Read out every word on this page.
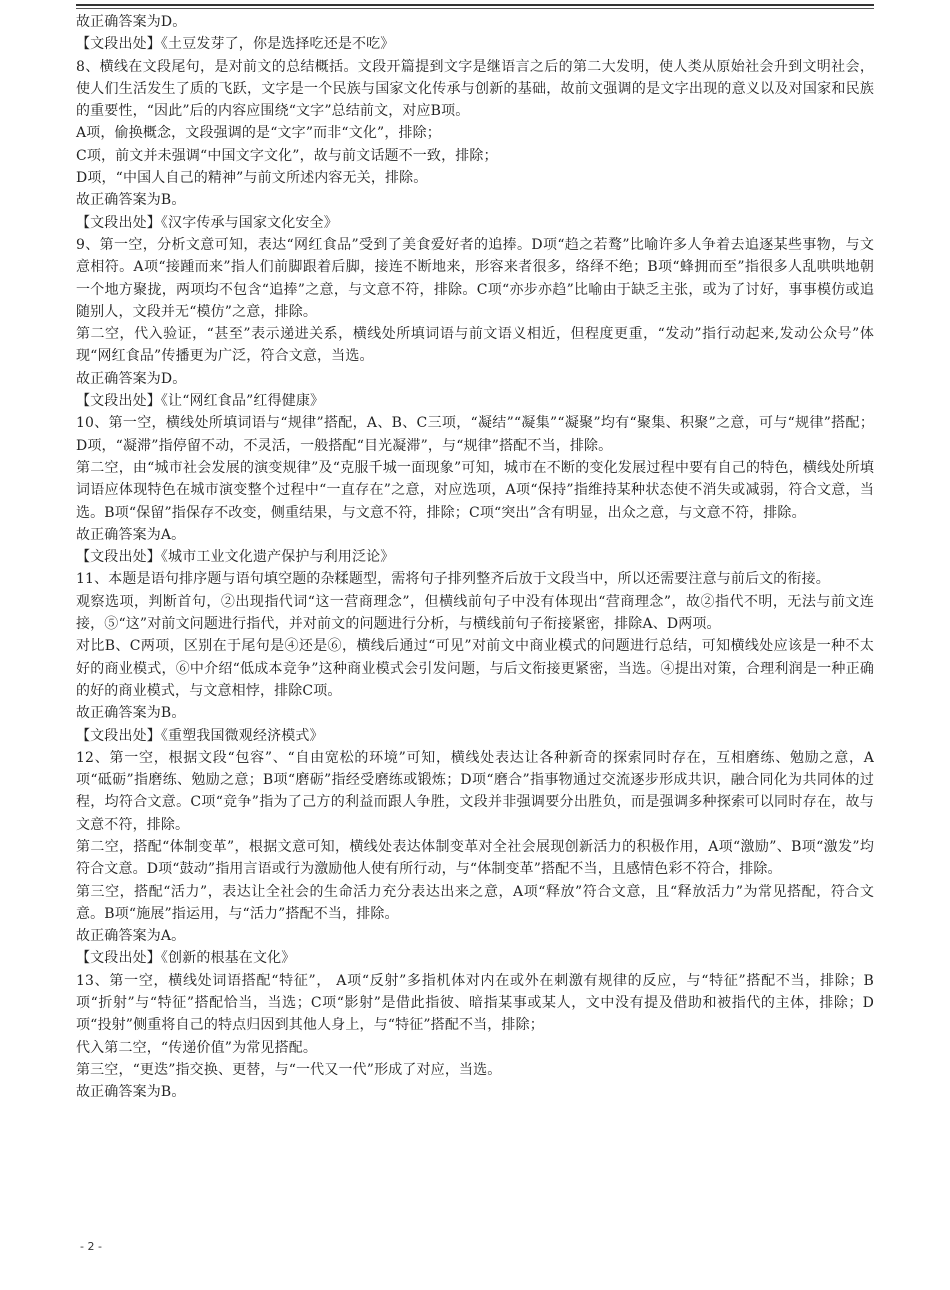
故正确答案为D。

【文段出处】《土豆发芽了，你是选择吃还是不吃》

8、横线在文段尾句，是对前文的总结概括。文段开篇提到文字是继语言之后的第二大发明，使人类从原始社会升到文明社会，使人们生活发生了质的飞跃，文字是一个民族与国家文化传承与创新的基础，故前文强调的是文字出现的意义以及对国家和民族的重要性，“因此”后的内容应围绕“文字”总结前文，对应B项。

A项，偷换概念，文段强调的是“文字”而非“文化”，排除；

C项，前文并未强调“中国文字文化”，故与前文话题不一致，排除；

D项，“中国人自己的精神”与前文所述内容无关，排除。

故正确答案为B。

【文段出处】《汉字传承与国家文化安全》

9、第一空，分析文意可知，表达“网红食品”受到了美食爱好者的追捧。D项“趋之若鹜”比喻许多人争着去追逐某些事物，与文意相符。A项“接踵而来”指人们前脚跟着后脚，接连不断地来，形容来者很多，络绎不绝；B项“蜂拥而至”指很多人乱哄哄地朝一个地方聚拢，两项均不包含“追捧”之意，与文意不符，排除。C项“亦步亦趋”比喻由于缺乏主张，或为了讨好，事事模仿或追随别人，文段并无“模仿”之意，排除。

第二空，代入验证，“甚至”表示递进关系，横线处所填词语与前文语义相近，但程度更重，“发动”指行动起来,发动公众号”体现“网红食品”传播更为广泛，符合文意，当选。

故正确答案为D。

【文段出处】《让“网红食品”红得健康》

10、第一空，横线处所填词语与“规律”搭配，A、B、C三项，“凝结”“凝集”“凝聚”均有“聚集、积聚”之意，可与“规律”搭配；D项，“凝滞”指停留不动，不灵活，一般搭配“目光凝滞”，与“规律”搭配不当，排除。

第二空，由“城市社会发展的演变规律”及“克服千城一面现象”可知，城市在不断的变化发展过程中要有自己的特色，横线处所填词语应体现特色在城市演变整个过程中“一直存在”之意，对应选项，A项“保持”指维持某种状态使不消失或减弱，符合文意，当选。B项“保留”指保存不改变，侧重结果，与文意不符，排除；C项“突出”含有明显，出众之意，与文意不符，排除。

故正确答案为A。

【文段出处】《城市工业文化遗产保护与利用泛论》

11、本题是语句排序题与语句填空题的杂糅题型，需将句子排列整齐后放于文段当中，所以还需要注意与前后文的衔接。

观察选项，判断首句，②出现指代词“这一营商理念”，但横线前句子中没有体现出“营商理念”，故②指代不明，无法与前文连接，⑤“这”对前文问题进行指代，并对前文的问题进行分析，与横线前句子衔接紧密，排除A、D两项。

对比B、C两项，区别在于尾句是④还是⑥，横线后通过“可见”对前文中商业模式的问题进行总结，可知横线处应该是一种不太好的商业模式，⑥中介绍“低成本竞争”这种商业模式会引发问题，与后文衔接更紧密，当选。④提出对策，合理利润是一种正确的好的商业模式，与文意相悖，排除C项。

故正确答案为B。

【文段出处】《重塑我国微观经济模式》

12、第一空，根据文段“包容”、“自由宽松的环境”可知，横线处表达让各种新奇的探索同时存在，互相磨练、勉励之意，A项“砥砺”指磨练、勉励之意；B项“磨砺”指经受磨练或锻炼；D项“磨合”指事物通过交流逐步形成共识，融合同化为共同体的过程，均符合文意。C项“竞争”指为了己方的利益而跟人争胜，文段并非强调要分出胜负，而是强调多种探索可以同时存在，故与文意不符，排除。

第二空，搭配“体制变革”，根据文意可知，横线处表达体制变革对全社会展现创新活力的积极作用，A项“激励”、B项“激发”均符合文意。D项“鼓动”指用言语或行为激励他人使有所行动，与“体制变革”搭配不当，且感情色彩不符合，排除。

第三空，搭配“活力”，表达让全社会的生命活力充分表达出来之意，A项“释放”符合文意，且“释放活力”为常见搭配，符合文意。B项“施展”指运用，与“活力”搭配不当，排除。

故正确答案为A。

【文段出处】《创新的根基在文化》

13、第一空，横线处词语搭配“特征”， A项“反射”多指机体对内在或外在刺激有规律的反应，与“特征”搭配不当，排除；B项“折射”与“特征”搭配恰当，当选；C项“影射”是借此指彼、暗指某事或某人，文中没有提及借助和被指代的主体，排除；D项“投射”侧重将自己的特点归因到其他人身上，与“特征”搭配不当，排除；

代入第二空，“传递价值”为常见搭配。

第三空，“更迭”指交换、更替，与“一代又一代”形成了对应，当选。

故正确答案为B。

- 2 -
